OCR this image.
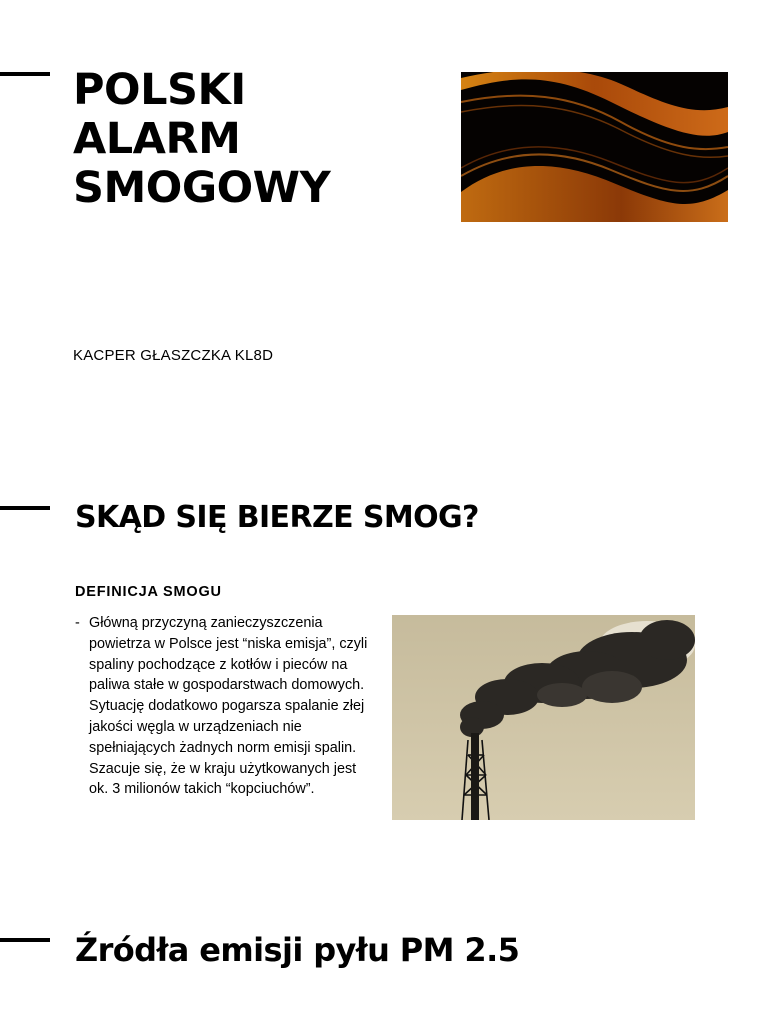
POLSKI
ALARM
SMOGOWY

KACPER GŁASZCZKA KL8D

SKĄD SIĘ BIERZE SMOG?
DEFINICJA SMOGU
- Główną przyczyną zanieczyszczenia powietrza w Polsce jest “niska emisja”, czyli spaliny pochodzące z kotłów i pieców na paliwa stałe w gospodarstwach domowych. Sytuację dodatkowo pogarsza spalanie złej jakości węgla w urządzeniach nie spełniających żadnych norm emisji spalin. Szacuje się, że w kraju użytkowanych jest ok. 3 milionów takich “kopciuchów”.
Źródła emisji pyłu PM 2.5
